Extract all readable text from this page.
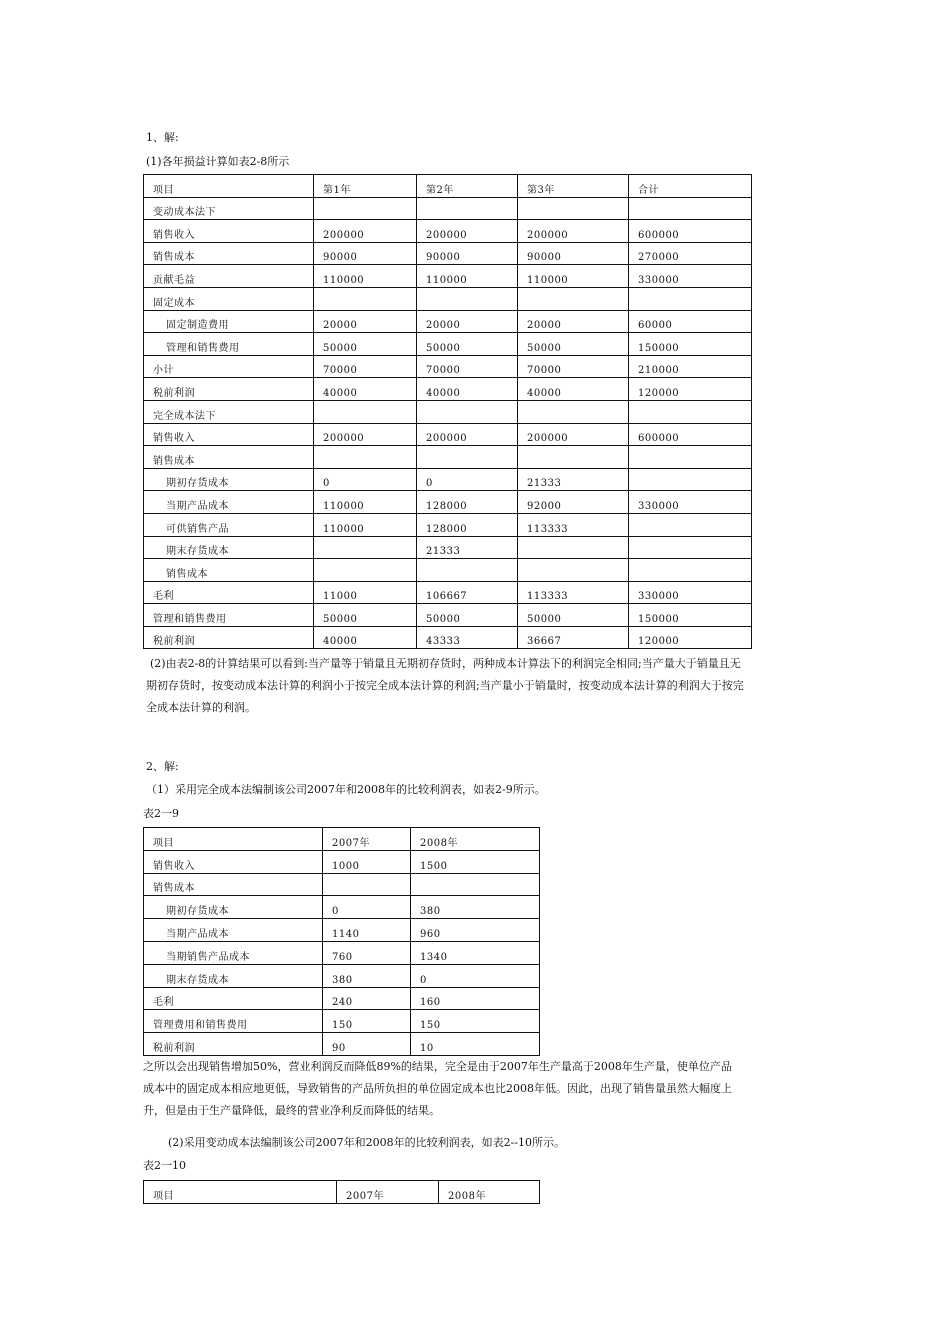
1、解:
(1)各年损益计算如表2-8所示
项目	第1年	第2年	第3年	合计
变动成本法下				
销售收入	200000	200000	200000	600000
销售成本	90000	90000	90000	270000
贡献毛益	110000	110000	110000	330000
固定成本				
固定制造费用	20000	20000	20000	60000
管理和销售费用	50000	50000	50000	150000
小计	70000	70000	70000	210000
税前利润	40000	40000	40000	120000
完全成本法下				
销售收入	200000	200000	200000	600000
销售成本				
期初存货成本	0	0	21333	
当期产品成本	110000	128000	92000	330000
可供销售产品	110000	128000	113333	
期末存货成本		21333		
销售成本				
毛利	11000	106667	113333	330000
管理和销售费用	50000	50000	50000	150000
税前利润	40000	43333	36667	120000
(2)由表2-8的计算结果可以看到:当产量等于销量且无期初存货时，两种成本计算法下的利润完全相同;当产量大于销量且无期初存货时，按变动成本法计算的利润小于按完全成本法计算的利润;当产量小于销量时，按变动成本法计算的利润大于按完全成本法计算的利润。
2、解:
（1）采用完全成本法编制该公司2007年和2008年的比较利润表，如表2-9所示。
表2一9
项目	2007年	2008年
销售收入	1000	1500
销售成本		
期初存货成本	0	380
当期产品成本	1140	960
当期销售产品成本	760	1340
期末存货成本	380	0
毛利	240	160
管理费用和销售费用	150	150
税前利润	90	10
之所以会出现销售增加50%，营业利润反而降低89%的结果，完全是由于2007年生产量高于2008年生产量，使单位产品成本中的固定成本相应地更低，导致销售的产品所负担的单位固定成本也比2008年低。因此，出现了销售量虽然大幅度上升，但是由于生产量降低，最终的营业净利反而降低的结果。
(2)采用变动成本法编制该公司2007年和2008年的比较利润表，如表2--10所示。
表2一10
项目	2007年	2008年
